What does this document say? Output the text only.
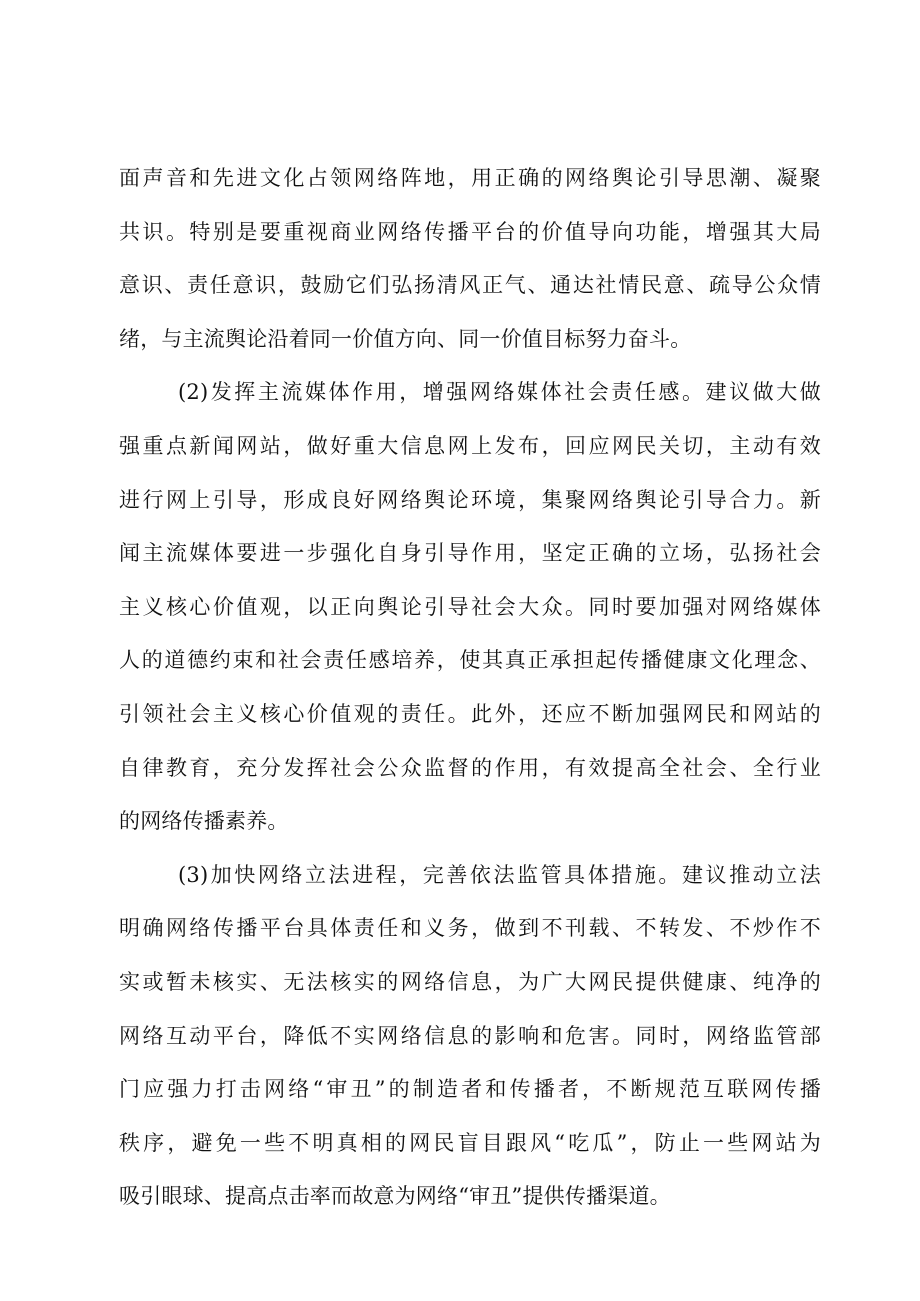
面声音和先进文化占领网络阵地，用正确的网络舆论引导思潮、凝聚
共识。特别是要重视商业网络传播平台的价值导向功能，增强其大局
意识、责任意识，鼓励它们弘扬清风正气、通达社情民意、疏导公众情
绪，与主流舆论沿着同一价值方向、同一价值目标努力奋斗。
(2)发挥主流媒体作用，增强网络媒体社会责任感。建议做大做
强重点新闻网站，做好重大信息网上发布，回应网民关切，主动有效
进行网上引导，形成良好网络舆论环境，集聚网络舆论引导合力。新
闻主流媒体要进一步强化自身引导作用，坚定正确的立场，弘扬社会
主义核心价值观，以正向舆论引导社会大众。同时要加强对网络媒体
人的道德约束和社会责任感培养，使其真正承担起传播健康文化理念、
引领社会主义核心价值观的责任。此外，还应不断加强网民和网站的
自律教育，充分发挥社会公众监督的作用，有效提高全社会、全行业
的网络传播素养。
(3)加快网络立法进程，完善依法监管具体措施。建议推动立法
明确网络传播平台具体责任和义务，做到不刊载、不转发、不炒作不
实或暂未核实、无法核实的网络信息，为广大网民提供健康、纯净的
网络互动平台，降低不实网络信息的影响和危害。同时，网络监管部
门应强力打击网络“审丑”的制造者和传播者，不断规范互联网传播
秩序，避免一些不明真相的网民盲目跟风“吃瓜”，防止一些网站为
吸引眼球、提高点击率而故意为网络“审丑”提供传播渠道。
